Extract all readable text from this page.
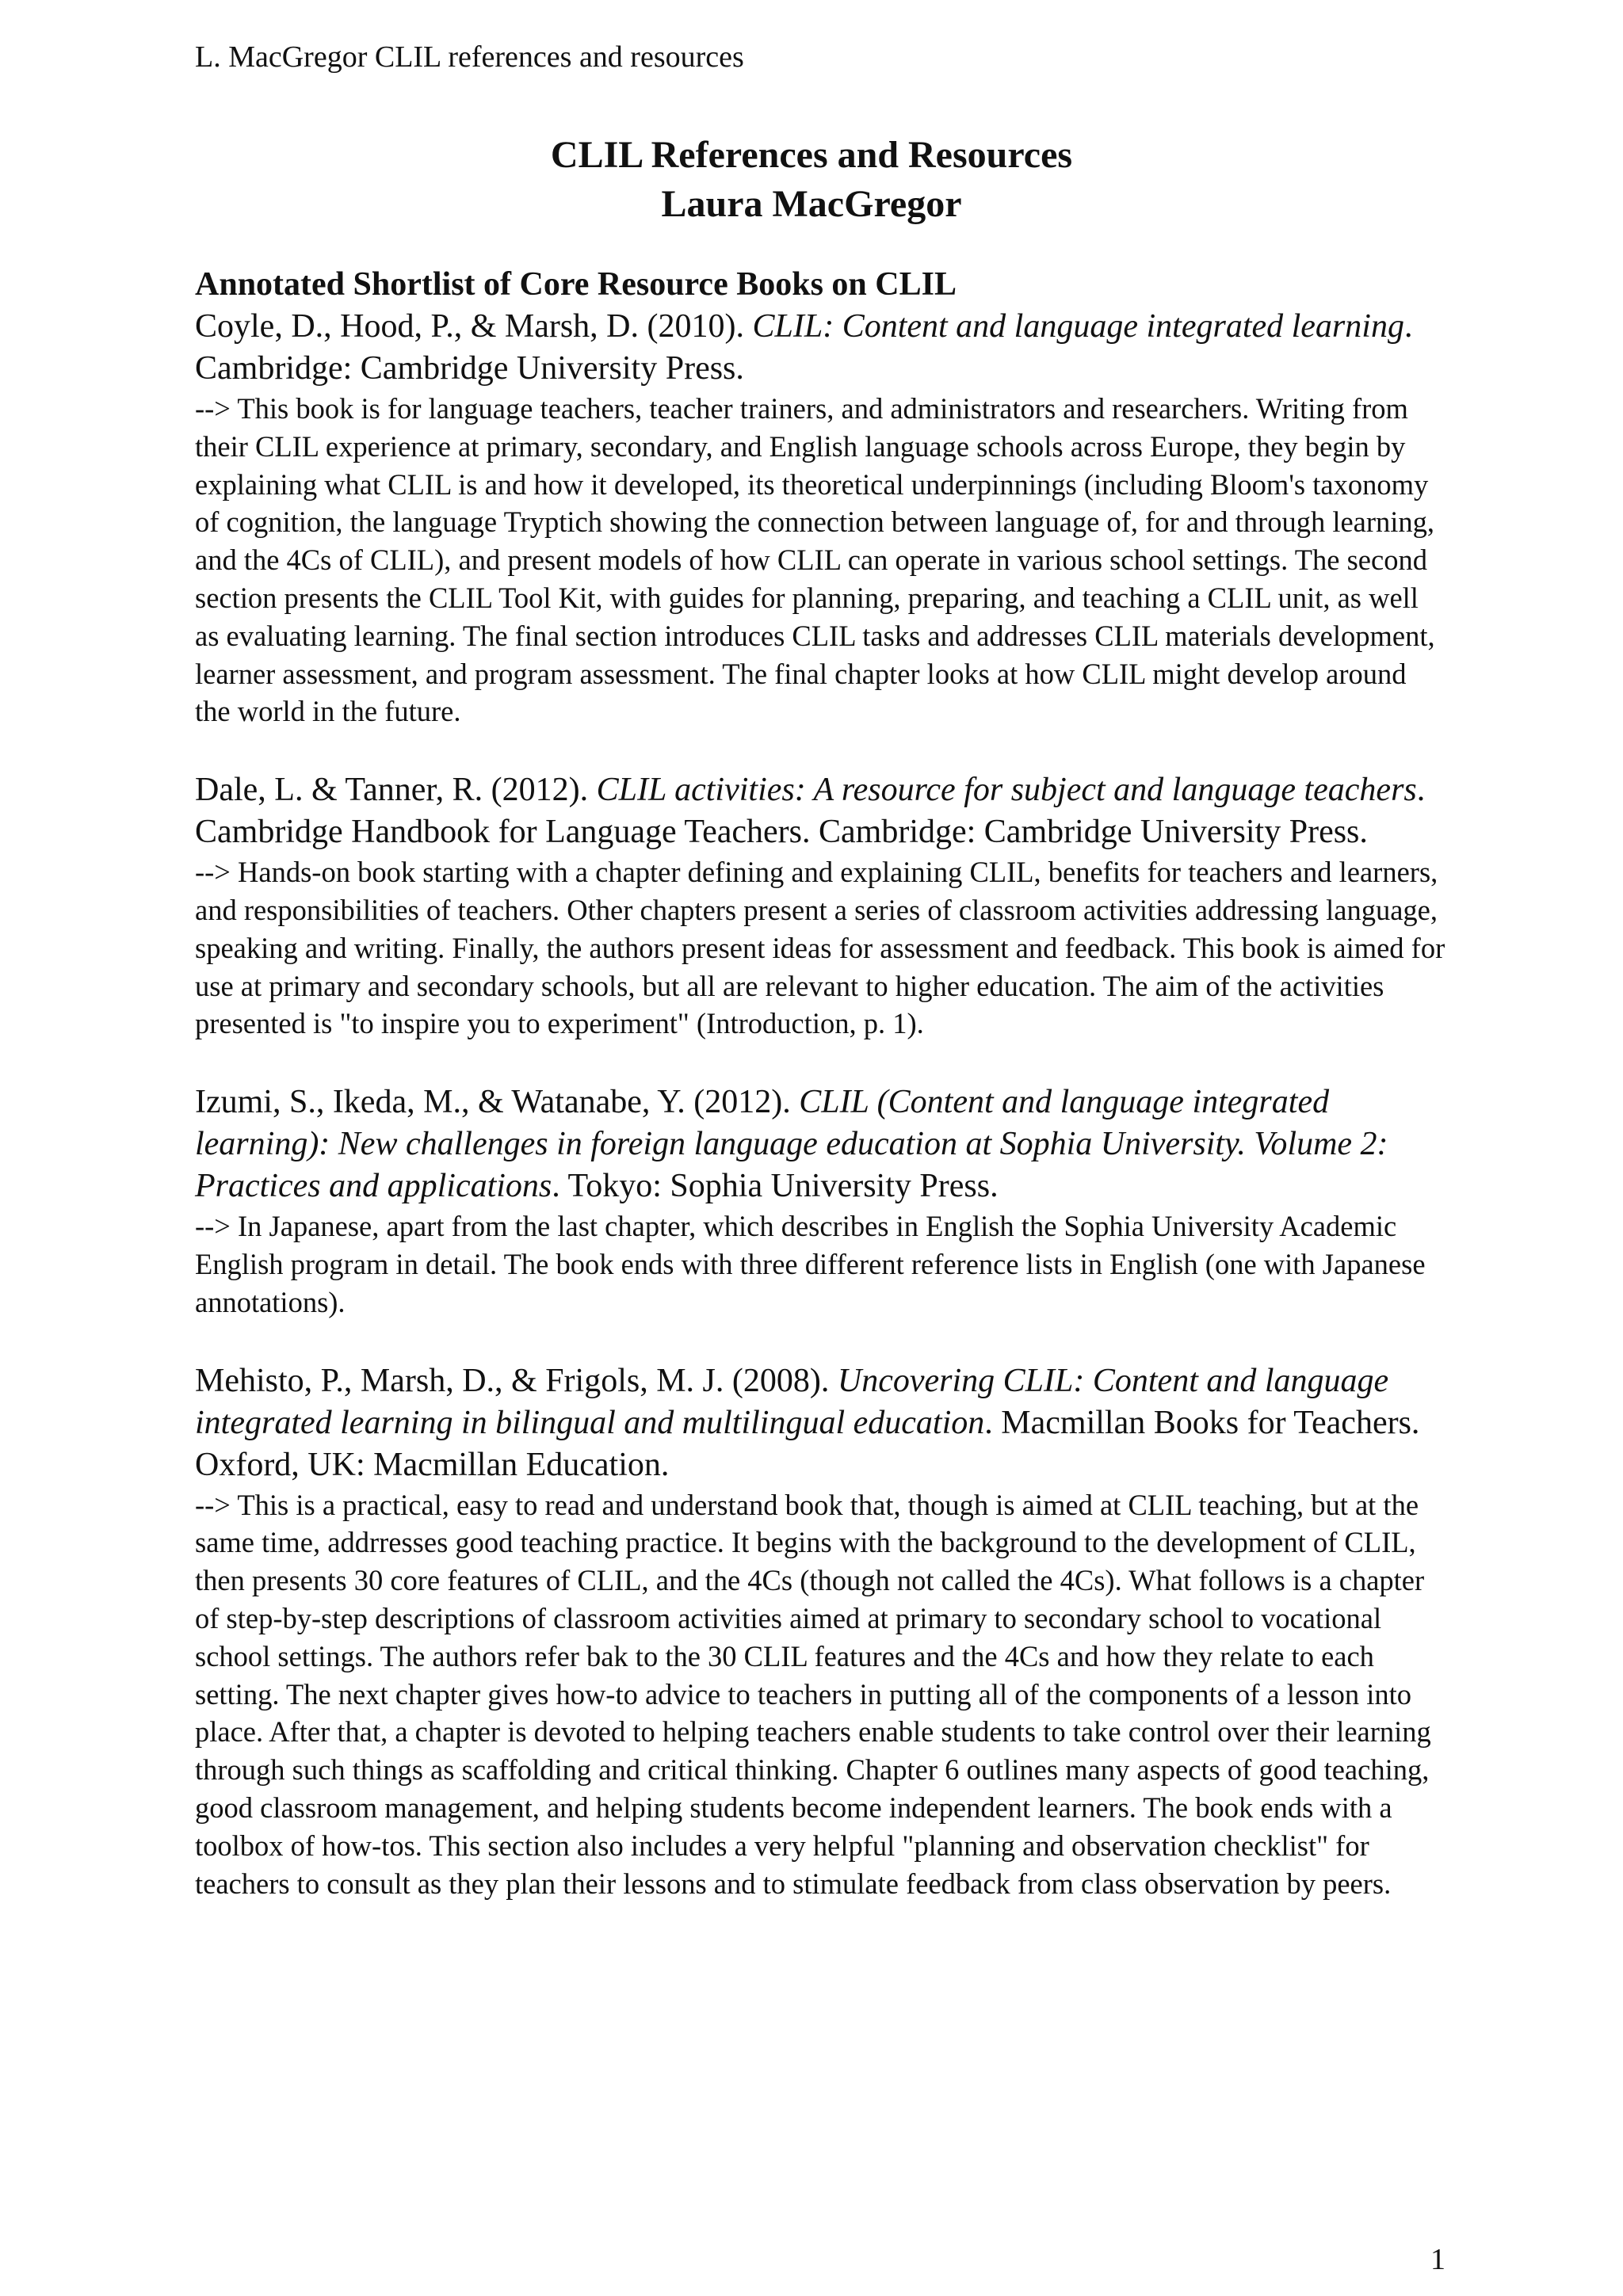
L. MacGregor CLIL references and resources
CLIL References and Resources
Laura MacGregor
Annotated Shortlist of Core Resource Books on CLIL
Coyle, D., Hood, P., & Marsh, D. (2010). CLIL: Content and language integrated learning. Cambridge: Cambridge University Press.
--> This book is for language teachers, teacher trainers, and administrators and researchers. Writing from their CLIL experience at primary, secondary, and English language schools across Europe, they begin by explaining what CLIL is and how it developed, its theoretical underpinnings (including Bloom's taxonomy of cognition, the language Tryptich showing the connection between language of, for and through learning, and the 4Cs of CLIL), and present models of how CLIL can operate in various school settings. The second section presents the CLIL Tool Kit, with guides for planning, preparing, and teaching a CLIL unit, as well as evaluating learning. The final section introduces CLIL tasks and addresses CLIL materials development, learner assessment, and program assessment. The final chapter looks at how CLIL might develop around the world in the future.
Dale, L. & Tanner, R. (2012). CLIL activities: A resource for subject and language teachers. Cambridge Handbook for Language Teachers. Cambridge: Cambridge University Press.
--> Hands-on book starting with a chapter defining and explaining CLIL, benefits for teachers and learners, and responsibilities of teachers. Other chapters present a series of classroom activities addressing language, speaking and writing. Finally, the authors present ideas for assessment and feedback. This book is aimed for use at primary and secondary schools, but all are relevant to higher education. The aim of the activities presented is "to inspire you to experiment" (Introduction, p. 1).
Izumi, S., Ikeda, M., & Watanabe, Y. (2012). CLIL (Content and language integrated learning): New challenges in foreign language education at Sophia University. Volume 2: Practices and applications. Tokyo: Sophia University Press.
--> In Japanese, apart from the last chapter, which describes in English the Sophia University Academic English program in detail. The book ends with three different reference lists in English (one with Japanese annotations).
Mehisto, P., Marsh, D., & Frigols, M. J. (2008). Uncovering CLIL: Content and language integrated learning in bilingual and multilingual education. Macmillan Books for Teachers. Oxford, UK: Macmillan Education.
--> This is a practical, easy to read and understand book that, though is aimed at CLIL teaching, but at the same time, addrresses good teaching practice. It begins with the background to the development of CLIL, then presents 30 core features of CLIL, and the 4Cs (though not called the 4Cs). What follows is a chapter of step-by-step descriptions of classroom activities aimed at primary to secondary school to vocational school settings. The authors refer bak to the 30 CLIL features and the 4Cs and how they relate to each setting. The next chapter gives how-to advice to teachers in putting all of the components of a lesson into place. After that, a chapter is devoted to helping teachers enable students to take control over their learning through such things as scaffolding and critical thinking. Chapter 6 outlines many aspects of good teaching, good classroom management, and helping students become independent learners. The book ends with a toolbox of how-tos. This section also includes a very helpful "planning and observation checklist" for teachers to consult as they plan their lessons and to stimulate feedback from class observation by peers.
1
